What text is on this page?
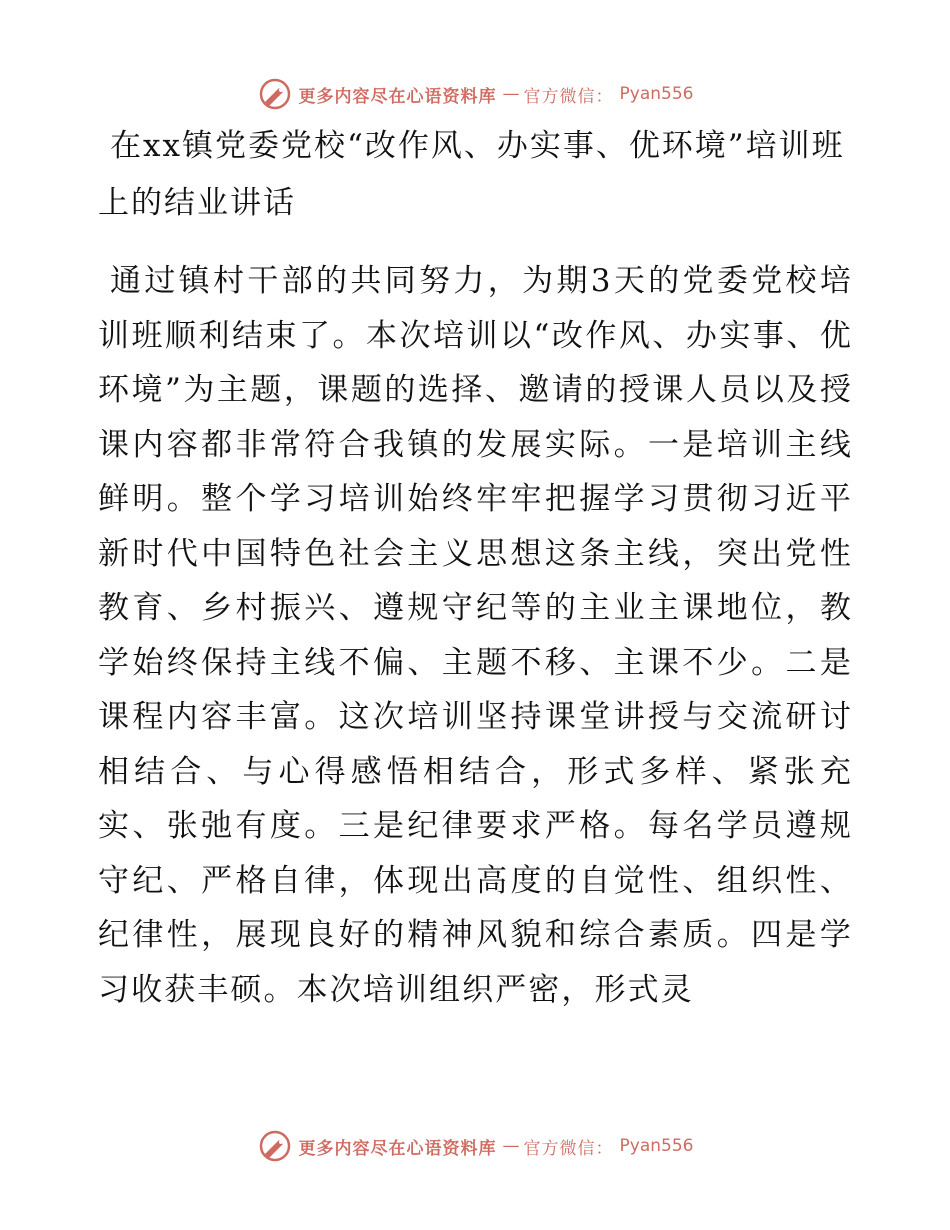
更多内容尽在心语资料库 — 官方微信： Pyan556
在xx镇党委党校“改作风、办实事、优环境”培训班上的结业讲话

通过镇村干部的共同努力，为期3天的党委党校培训班顺利结束了。本次培训以“改作风、办实事、优环境”为主题，课题的选择、邀请的授课人员以及授课内容都非常符合我镇的发展实际。一是培训主线鲜明。整个学习培训始终牢牢把握学习贯彻习近平新时代中国特色社会主义思想这条主线，突出党性教育、乡村振兴、遵规守纪等的主业主课地位，教学始终保持主线不偏、主题不移、主课不少。二是课程内容丰富。这次培训坚持课堂讲授与交流研讨相结合、与心得感悟相结合，形式多样、紧张充实、张弛有度。三是纪律要求严格。每名学员遵规守纪、严格自律，体现出高度的自觉性、组织性、纪律性，展现良好的精神风貌和综合素质。四是学习收获丰硕。本次培训组织严密，形式灵

更多内容尽在心语资料库 — 官方微信： Pyan556
